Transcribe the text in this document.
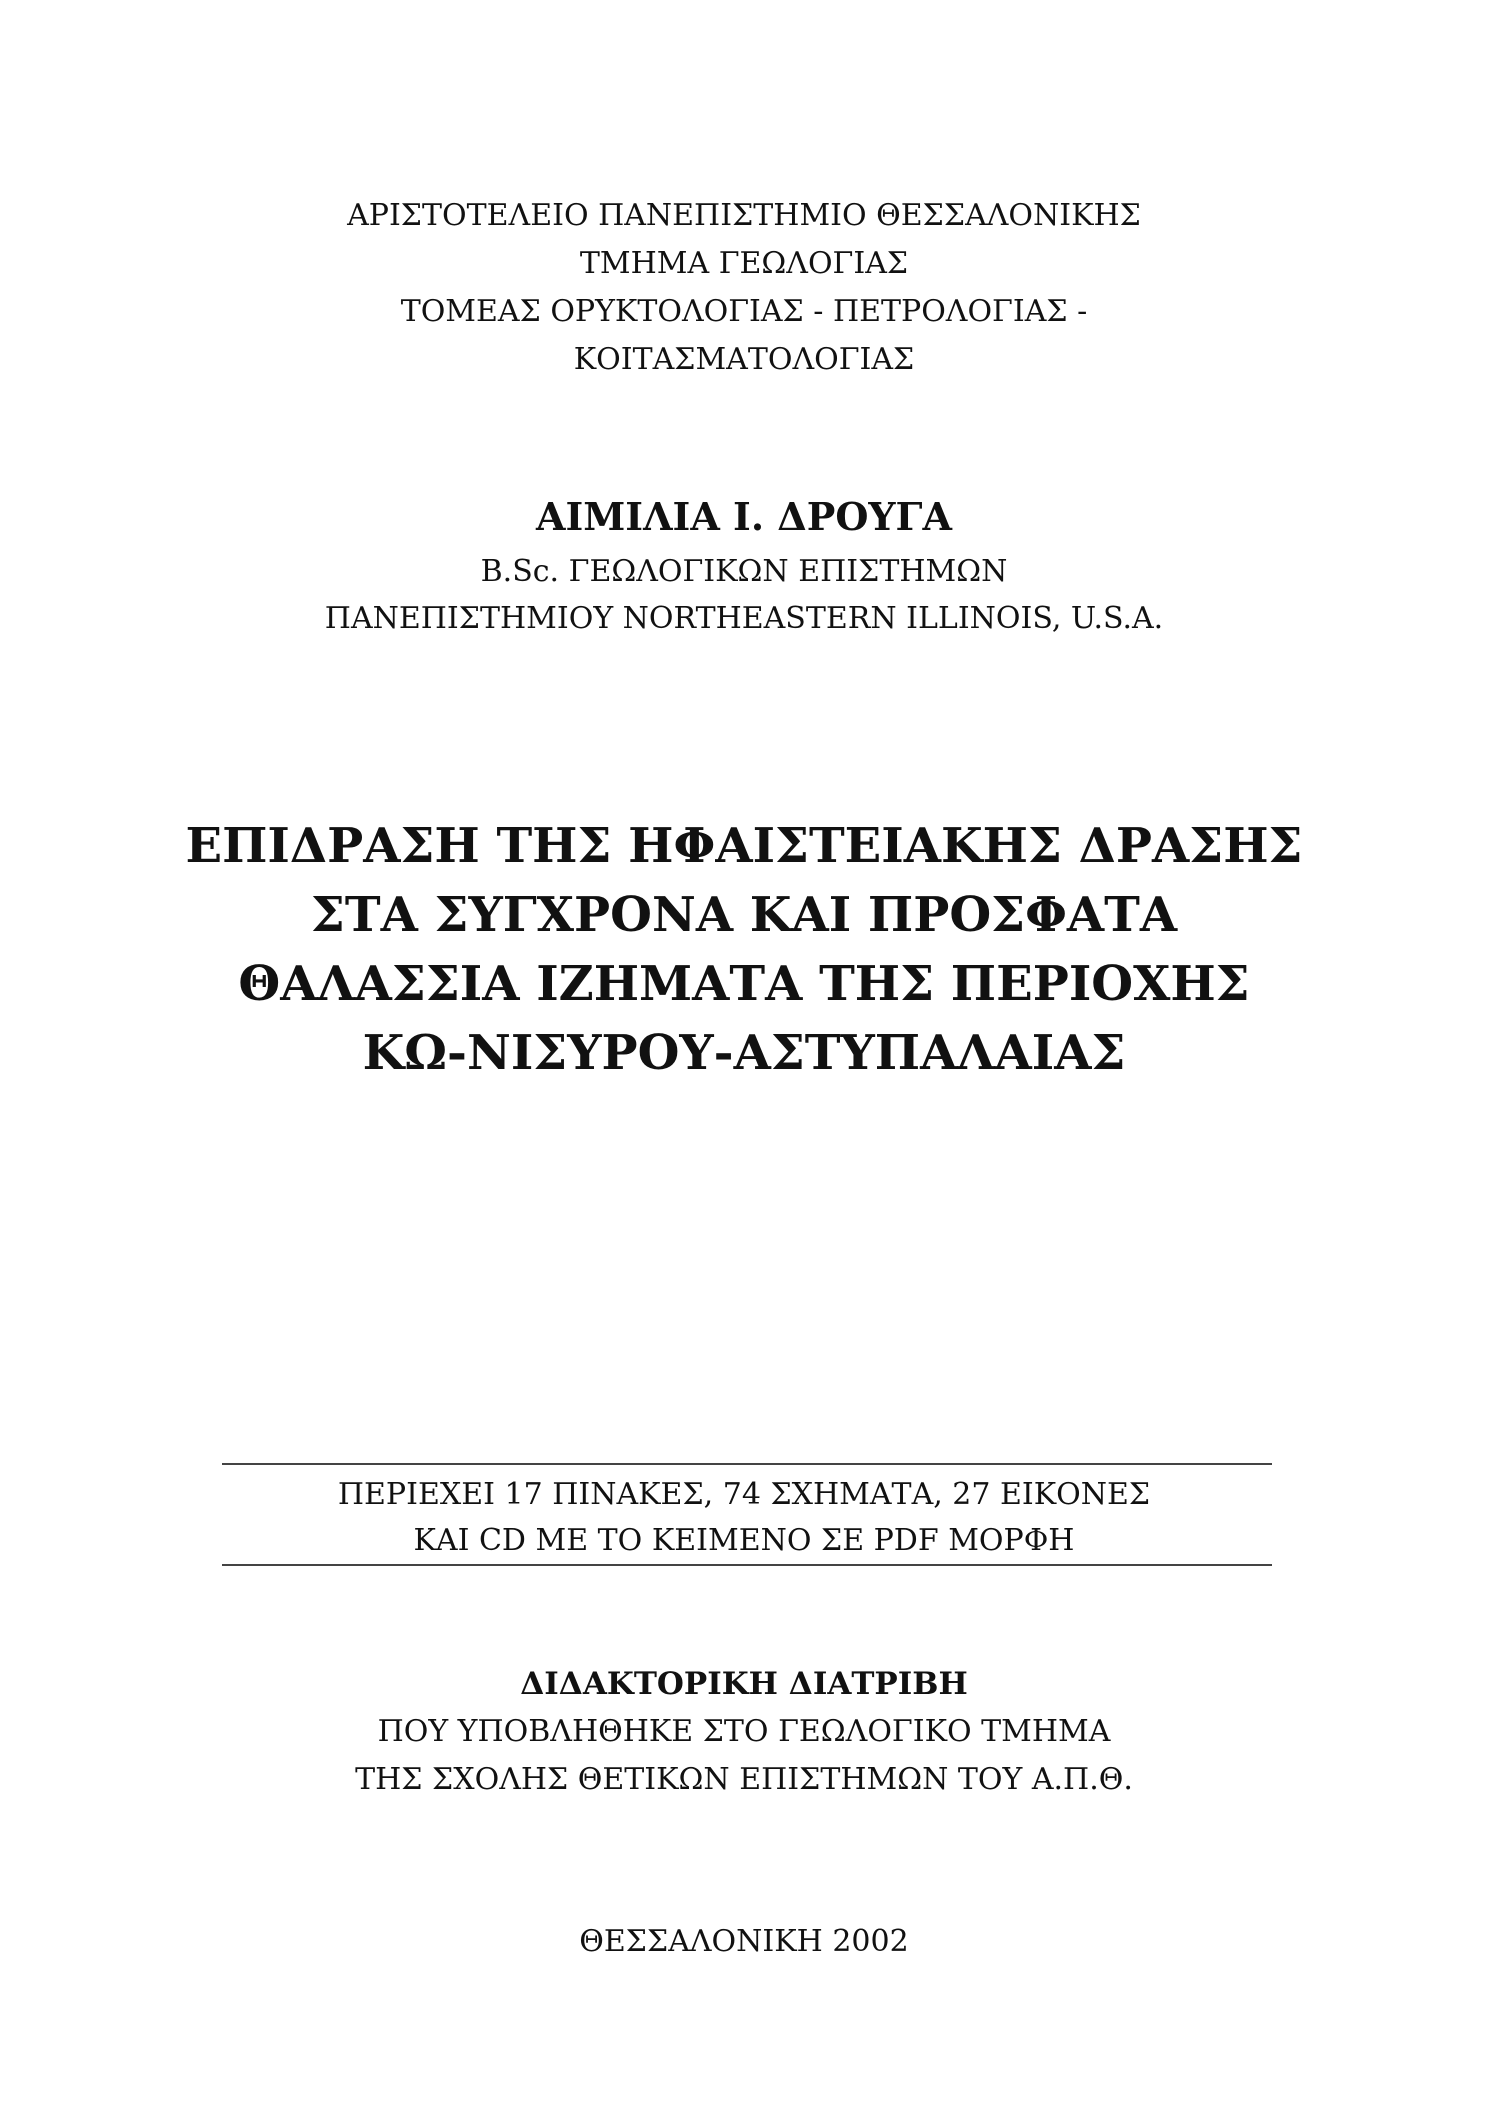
ΑΡΙΣΤΟΤΕΛΕΙΟ ΠΑΝΕΠΙΣΤΗΜΙΟ ΘΕΣΣΑΛΟΝΙΚΗΣ
ΤΜΗΜΑ ΓΕΩΛΟΓΙΑΣ
ΤΟΜΕΑΣ ΟΡΥΚΤΟΛΟΓΙΑΣ - ΠΕΤΡΟΛΟΓΙΑΣ -
ΚΟΙΤΑΣΜΑΤΟΛΟΓΙΑΣ
ΑΙΜΙΛΙΑ Ι. ΔΡΟΥΓΑ
B.Sc. ΓΕΩΛΟΓΙΚΩΝ ΕΠΙΣΤΗΜΩΝ
ΠΑΝΕΠΙΣΤΗΜΙΟΥ NORTHEASTERN ILLINOIS, U.S.A.
ΕΠΙΔΡΑΣΗ ΤΗΣ ΗΦΑΙΣΤΕΙΑΚΗΣ ΔΡΑΣΗΣ
ΣΤΑ ΣΥΓΧΡΟΝΑ ΚΑΙ ΠΡΟΣΦΑΤΑ
ΘΑΛΑΣΣΙΑ ΙΖΗΜΑΤΑ ΤΗΣ ΠΕΡΙΟΧΗΣ
ΚΩ-ΝΙΣΥΡΟΥ-ΑΣΤΥΠΑΛΑΙΑΣ
ΠΕΡΙΕΧΕΙ 17 ΠΙΝΑΚΕΣ, 74 ΣΧΗΜΑΤΑ, 27 ΕΙΚΟΝΕΣ
ΚΑΙ CD ΜΕ ΤΟ ΚΕΙΜΕΝΟ ΣΕ PDF ΜΟΡΦΗ
ΔΙΔΑΚΤΟΡΙΚΗ ΔΙΑΤΡΙΒΗ
ΠΟΥ ΥΠΟΒΛΗΘΗΚΕ ΣΤΟ ΓΕΩΛΟΓΙΚΟ ΤΜΗΜΑ
ΤΗΣ ΣΧΟΛΗΣ ΘΕΤΙΚΩΝ ΕΠΙΣΤΗΜΩΝ ΤΟΥ Α.Π.Θ.
ΘΕΣΣΑΛΟΝΙΚΗ 2002
